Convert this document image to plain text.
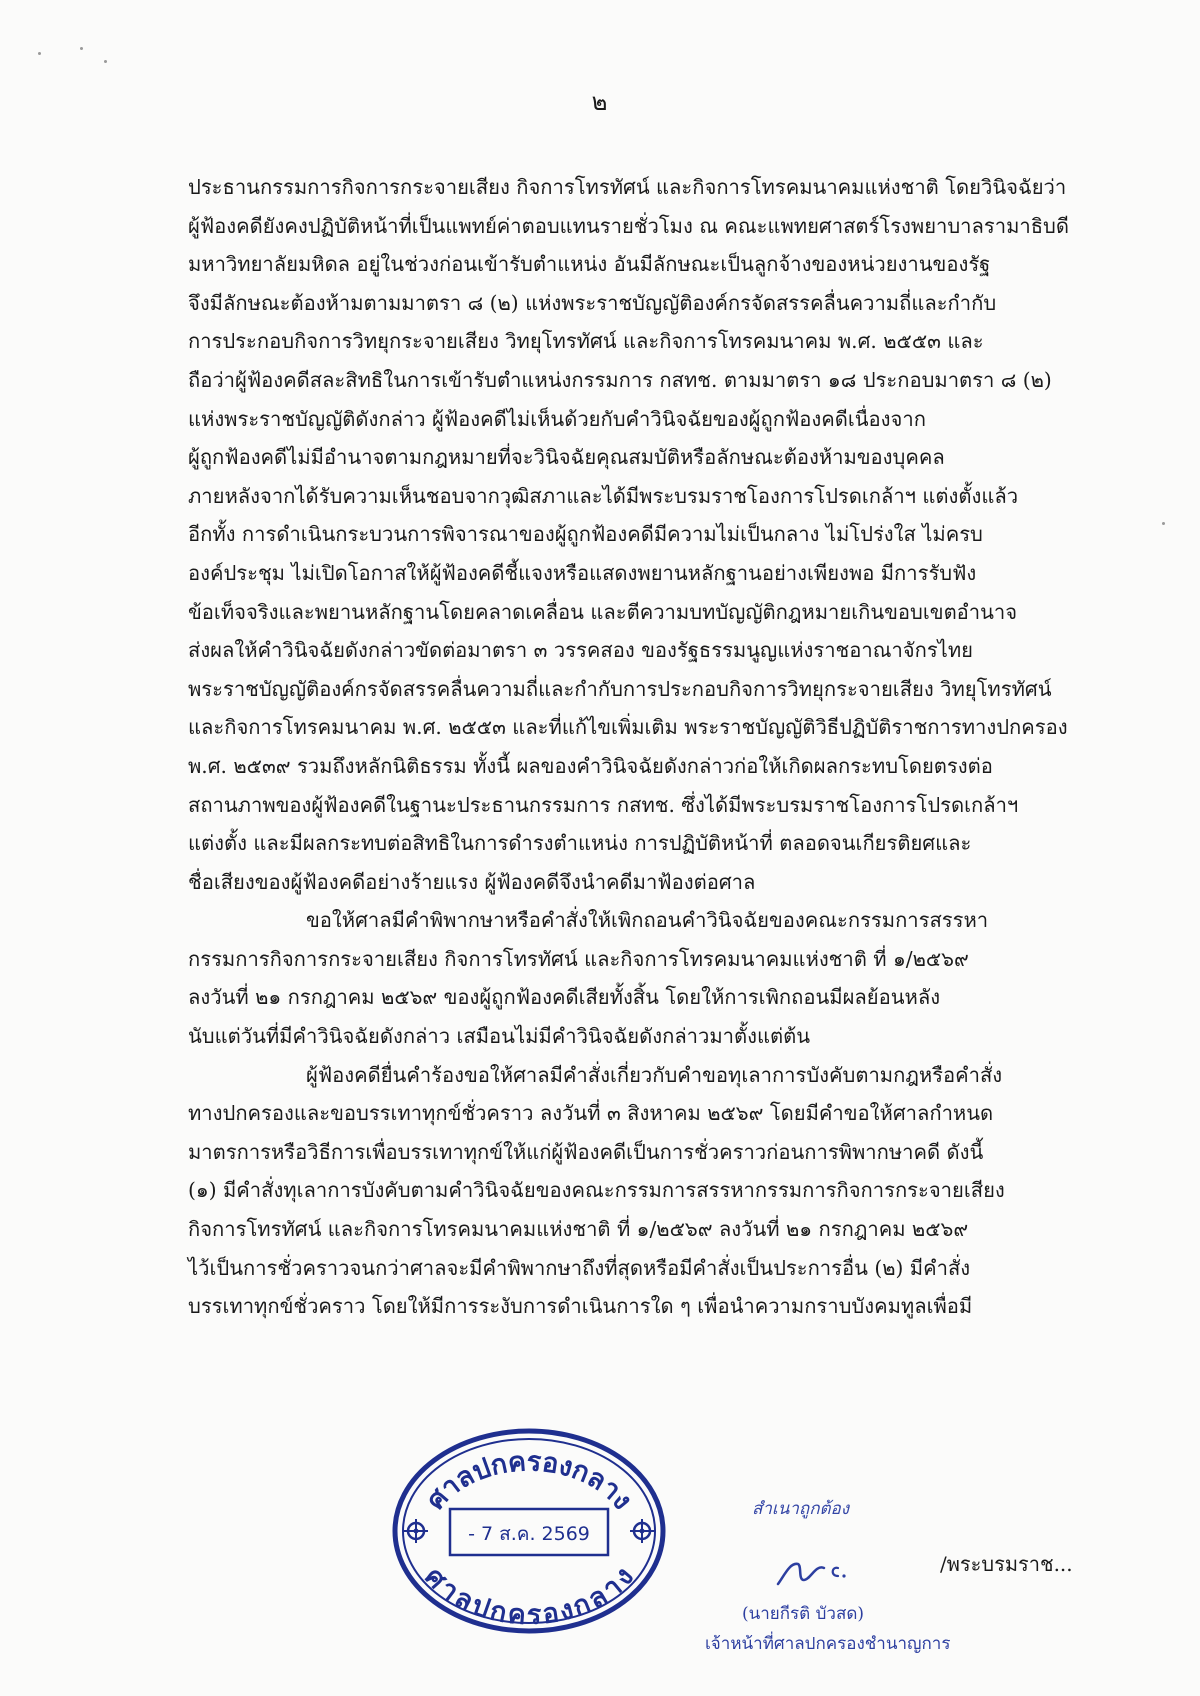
๒
ประธานกรรมการกิจการกระจายเสียง กิจการโทรทัศน์ และกิจการโทรคมนาคมแห่งชาติ โดยวินิจฉัยว่า
ผู้ฟ้องคดียังคงปฏิบัติหน้าที่เป็นแพทย์ค่าตอบแทนรายชั่วโมง ณ คณะแพทยศาสตร์โรงพยาบาลรามาธิบดี
มหาวิทยาลัยมหิดล อยู่ในช่วงก่อนเข้ารับตำแหน่ง อันมีลักษณะเป็นลูกจ้างของหน่วยงานของรัฐ
จึงมีลักษณะต้องห้ามตามมาตรา ๘ (๒) แห่งพระราชบัญญัติองค์กรจัดสรรคลื่นความถี่และกำกับ
การประกอบกิจการวิทยุกระจายเสียง วิทยุโทรทัศน์ และกิจการโทรคมนาคม พ.ศ. ๒๕๕๓ และ
ถือว่าผู้ฟ้องคดีสละสิทธิในการเข้ารับตำแหน่งกรรมการ กสทช. ตามมาตรา ๑๘ ประกอบมาตรา ๘ (๒)
แห่งพระราชบัญญัติดังกล่าว ผู้ฟ้องคดีไม่เห็นด้วยกับคำวินิจฉัยของผู้ถูกฟ้องคดีเนื่องจาก
ผู้ถูกฟ้องคดีไม่มีอำนาจตามกฎหมายที่จะวินิจฉัยคุณสมบัติหรือลักษณะต้องห้ามของบุคคล
ภายหลังจากได้รับความเห็นชอบจากวุฒิสภาและได้มีพระบรมราชโองการโปรดเกล้าฯ แต่งตั้งแล้ว
อีกทั้ง การดำเนินกระบวนการพิจารณาของผู้ถูกฟ้องคดีมีความไม่เป็นกลาง ไม่โปร่งใส ไม่ครบ
องค์ประชุม ไม่เปิดโอกาสให้ผู้ฟ้องคดีชี้แจงหรือแสดงพยานหลักฐานอย่างเพียงพอ มีการรับฟัง
ข้อเท็จจริงและพยานหลักฐานโดยคลาดเคลื่อน และตีความบทบัญญัติกฎหมายเกินขอบเขตอำนาจ
ส่งผลให้คำวินิจฉัยดังกล่าวขัดต่อมาตรา ๓ วรรคสอง ของรัฐธรรมนูญแห่งราชอาณาจักรไทย
พระราชบัญญัติองค์กรจัดสรรคลื่นความถี่และกำกับการประกอบกิจการวิทยุกระจายเสียง วิทยุโทรทัศน์
และกิจการโทรคมนาคม พ.ศ. ๒๕๕๓ และที่แก้ไขเพิ่มเติม พระราชบัญญัติวิธีปฏิบัติราชการทางปกครอง
พ.ศ. ๒๕๓๙ รวมถึงหลักนิติธรรม ทั้งนี้ ผลของคำวินิจฉัยดังกล่าวก่อให้เกิดผลกระทบโดยตรงต่อ
สถานภาพของผู้ฟ้องคดีในฐานะประธานกรรมการ กสทช. ซึ่งได้มีพระบรมราชโองการโปรดเกล้าฯ
แต่งตั้ง และมีผลกระทบต่อสิทธิในการดำรงตำแหน่ง การปฏิบัติหน้าที่ ตลอดจนเกียรติยศและ
ชื่อเสียงของผู้ฟ้องคดีอย่างร้ายแรง ผู้ฟ้องคดีจึงนำคดีมาฟ้องต่อศาล
ขอให้ศาลมีคำพิพากษาหรือคำสั่งให้เพิกถอนคำวินิจฉัยของคณะกรรมการสรรหา
กรรมการกิจการกระจายเสียง กิจการโทรทัศน์ และกิจการโทรคมนาคมแห่งชาติ ที่ ๑/๒๕๖๙
ลงวันที่ ๒๑ กรกฎาคม ๒๕๖๙ ของผู้ถูกฟ้องคดีเสียทั้งสิ้น โดยให้การเพิกถอนมีผลย้อนหลัง
นับแต่วันที่มีคำวินิจฉัยดังกล่าว เสมือนไม่มีคำวินิจฉัยดังกล่าวมาตั้งแต่ต้น
ผู้ฟ้องคดียื่นคำร้องขอให้ศาลมีคำสั่งเกี่ยวกับคำขอทุเลาการบังคับตามกฎหรือคำสั่ง
ทางปกครองและขอบรรเทาทุกข์ชั่วคราว ลงวันที่ ๓ สิงหาคม ๒๕๖๙ โดยมีคำขอให้ศาลกำหนด
มาตรการหรือวิธีการเพื่อบรรเทาทุกข์ให้แก่ผู้ฟ้องคดีเป็นการชั่วคราวก่อนการพิพากษาคดี ดังนี้
(๑) มีคำสั่งทุเลาการบังคับตามคำวินิจฉัยของคณะกรรมการสรรหากรรมการกิจการกระจายเสียง
กิจการโทรทัศน์ และกิจการโทรคมนาคมแห่งชาติ ที่ ๑/๒๕๖๙ ลงวันที่ ๒๑ กรกฎาคม ๒๕๖๙
ไว้เป็นการชั่วคราวจนกว่าศาลจะมีคำพิพากษาถึงที่สุดหรือมีคำสั่งเป็นประการอื่น (๒) มีคำสั่ง
บรรเทาทุกข์ชั่วคราว โดยให้มีการระงับการดำเนินการใด ๆ เพื่อนำความกราบบังคมทูลเพื่อมี
ศาลปกครองกลาง
ศาลปกครองกลาง
- 7 ส.ค. 2569
สำเนาถูกต้อง
(นายกีรติ บัวสด)
เจ้าหน้าที่ศาลปกครองชำนาญการ
/พระบรมราช...
